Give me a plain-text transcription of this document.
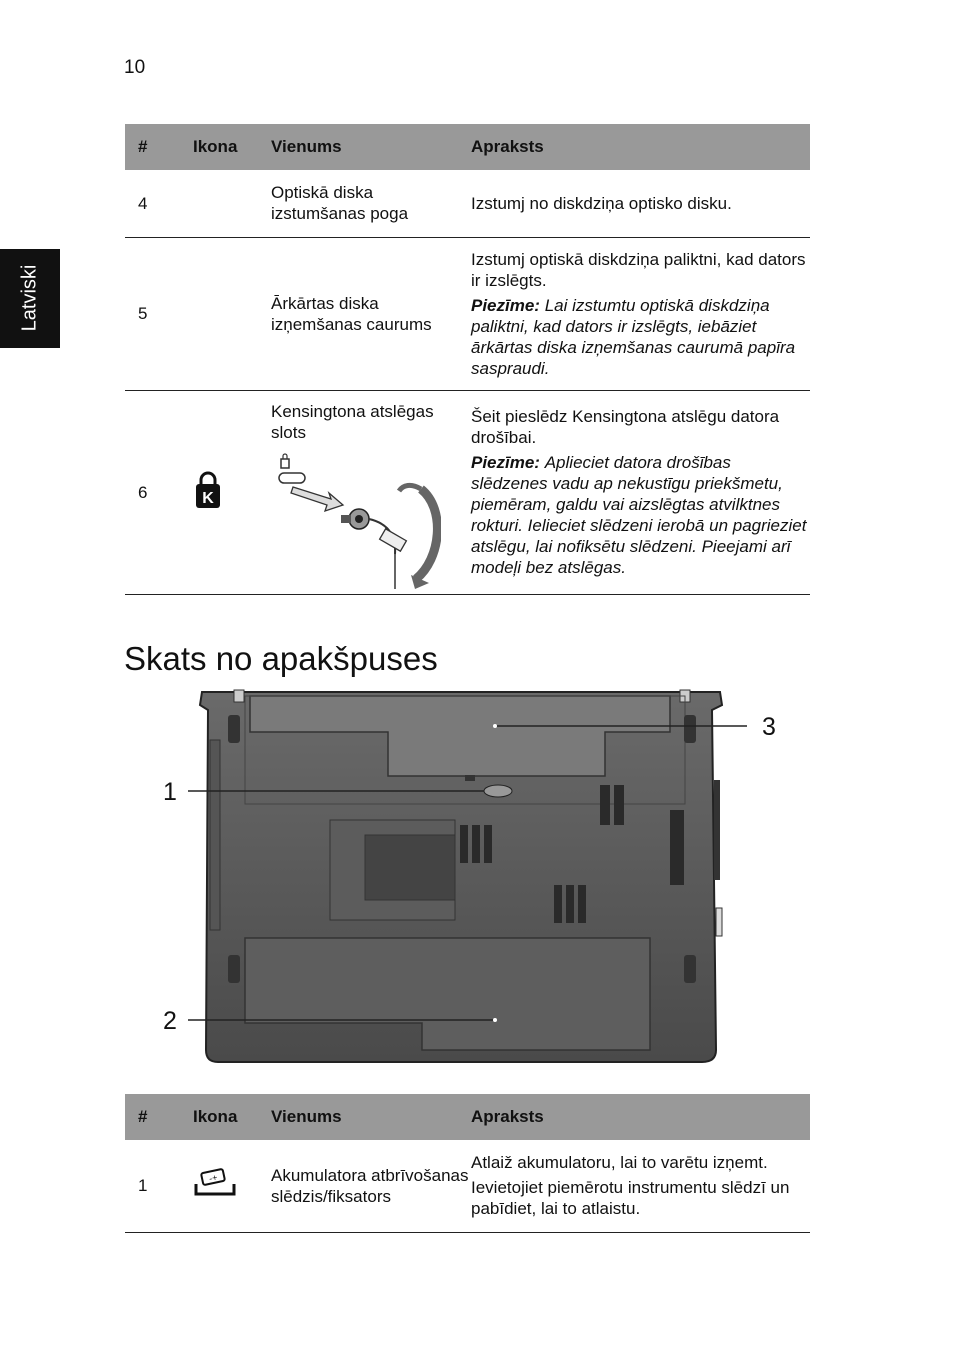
10
Latviski
#	Ikona	Vienums	Apraksts
4		Optiskā diska izstumšanas poga	Izstumj no diskdziņa optisko disku.
5		Ārkārtas diska izņemšanas caurums	Izstumj optiskā diskdziņa paliktni, kad dators ir izslēgts.

Piezīme: Lai izstumtu optiskā diskdziņa paliktni, kad dators ir izslēgts, iebāziet ārkārtas diska izņemšanas caurumā papīra saspraudi.

6	K	Kensingtona atslēgas slots	Šeit pieslēdz Kensingtona atslēgu datora drošībai.

Piezīme: Aplieciet datora drošības slēdzenes vadu ap nekustīgu priekšmetu, piemēram, galdu vai aizslēgtas atvilktnes rokturi. Ielieciet slēdzeni ierobā un pagrieziet atslēgu, lai nofiksētu slēdzeni. Pieejami arī modeļi bez atslēgas.

Skats no apakšpuses
1
3
2
#	Ikona	Vienums	Apraksts
1	-+	Akumulatora atbrīvošanas slēdzis/fiksators	Atlaiž akumulatoru, lai to varētu izņemt.

Ievietojiet piemērotu instrumentu slēdzī un pabīdiet, lai to atlaistu.
